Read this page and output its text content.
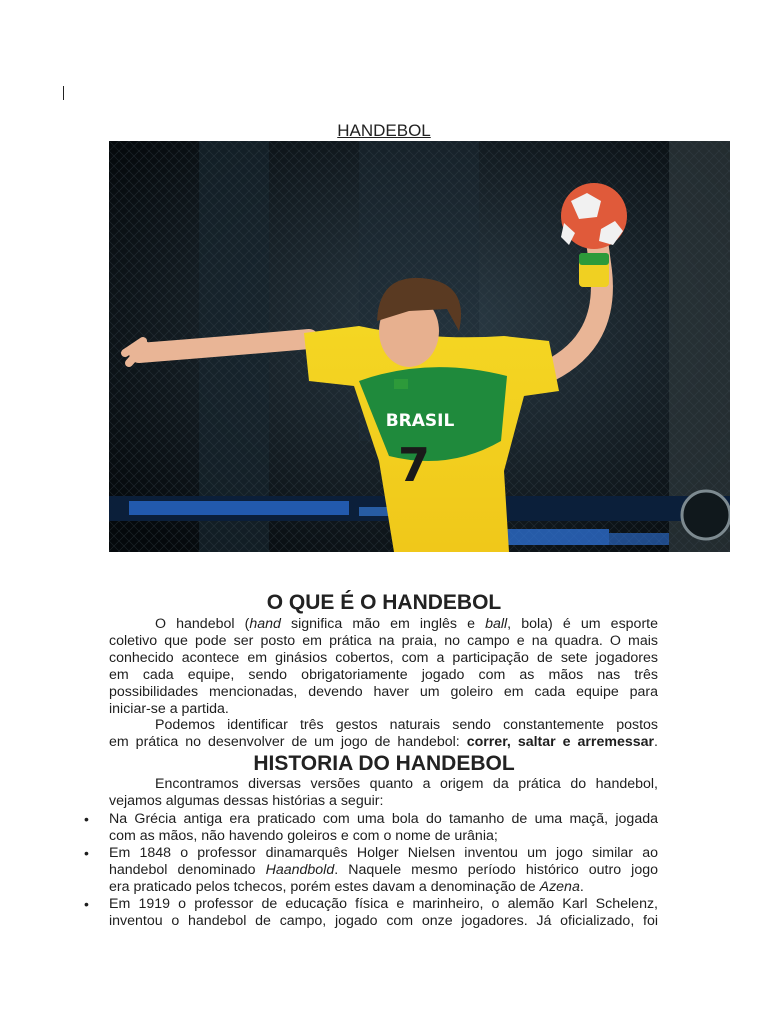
HANDEBOL
BRASIL
7
O QUE É O HANDEBOL
O handebol (hand significa mão em inglês e ball, bola) é um esporte
coletivo que pode ser posto em prática na praia, no campo e na quadra. O mais
conhecido acontece em ginásios cobertos, com a participação de sete jogadores
em cada equipe, sendo obrigatoriamente jogado com as mãos nas três
possibilidades mencionadas, devendo haver um goleiro em cada equipe para
iniciar-se a partida.
Podemos identificar três gestos naturais sendo constantemente postos
em prática no desenvolver de um jogo de handebol: correr, saltar e arremessar.
HISTORIA DO HANDEBOL
Encontramos diversas versões quanto a origem da prática do handebol,
vejamos algumas dessas histórias a seguir:
• Na Grécia antiga era praticado com uma bola do tamanho de uma maçã, jogada
com as mãos, não havendo goleiros e com o nome de urânia;
• Em 1848 o professor dinamarquês Holger Nielsen inventou um jogo similar ao
handebol denominado Haandbold. Naquele mesmo período histórico outro jogo
era praticado pelos tchecos, porém estes davam a denominação de Azena.
• Em 1919 o professor de educação física e marinheiro, o alemão Karl Schelenz,
inventou o handebol de campo, jogado com onze jogadores. Já oficializado, foi
